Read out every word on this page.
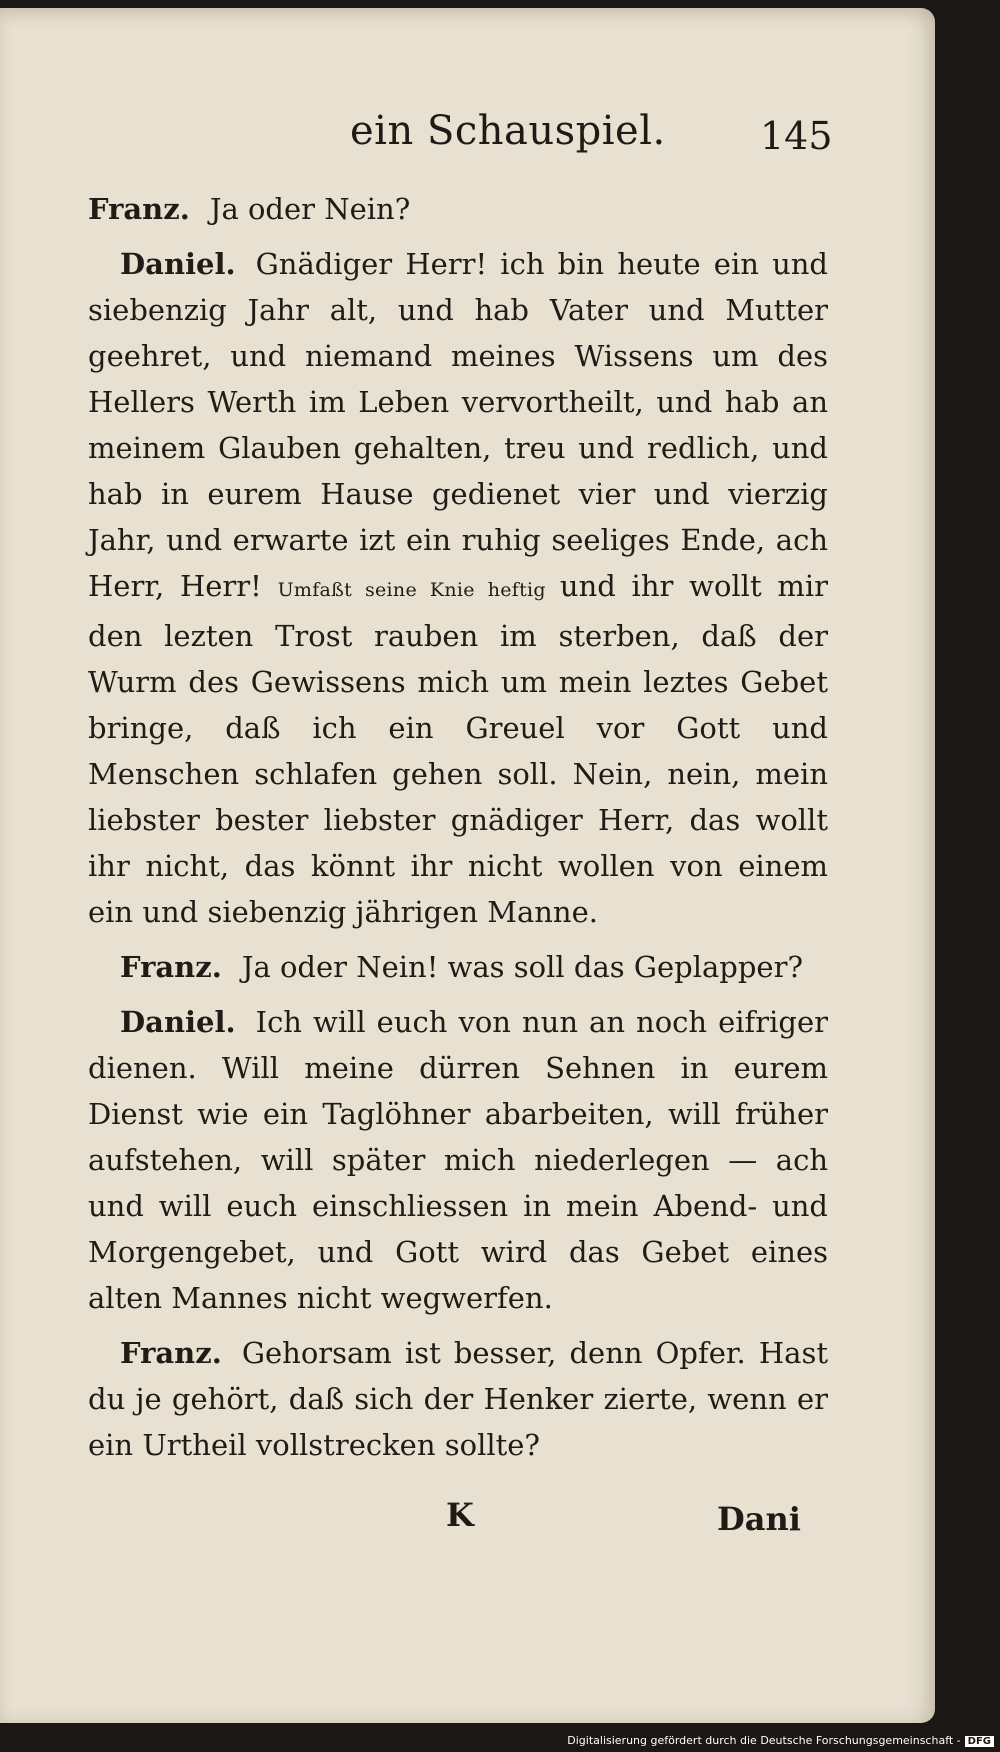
ein Schauspiel. 145

Franz. Ja oder Nein?

Daniel. Gnädiger Herr! ich bin heute ein und siebenzig Jahr alt, und hab Vater und Mutter geehret, und niemand meines Wissens um des Hellers Werth im Leben vervortheilt, und hab an meinem Glauben gehalten, treu und redlich, und hab in eurem Hause gedienet vier und vierzig Jahr, und erwarte izt ein ruhig seeliges Ende, ach Herr, Herr! Umfaßt seine Knie heftig und ihr wollt mir den lezten Trost rauben im sterben, daß der Wurm des Gewissens mich um mein leztes Gebet bringe, daß ich ein Greuel vor Gott und Menschen schlafen gehen soll. Nein, nein, mein liebster bester liebster gnädiger Herr, das wollt ihr nicht, das könnt ihr nicht wollen von einem ein und siebenzig jährigen Manne.

Franz. Ja oder Nein! was soll das Geplapper?

Daniel. Ich will euch von nun an noch eifriger dienen. Will meine dürren Sehnen in eurem Dienst wie ein Taglöhner abarbeiten, will früher aufstehen, will später mich niederlegen — ach und will euch einschliessen in mein Abend- und Morgengebet, und Gott wird das Gebet eines alten Mannes nicht wegwerfen.

Franz. Gehorsam ist besser, denn Opfer. Hast du je gehört, daß sich der Henker zierte, wenn er ein Urtheil vollstrecken sollte?

K	Dani
Digitalisierung gefördert durch die Deutsche Forschungsgemeinschaft - DFG
